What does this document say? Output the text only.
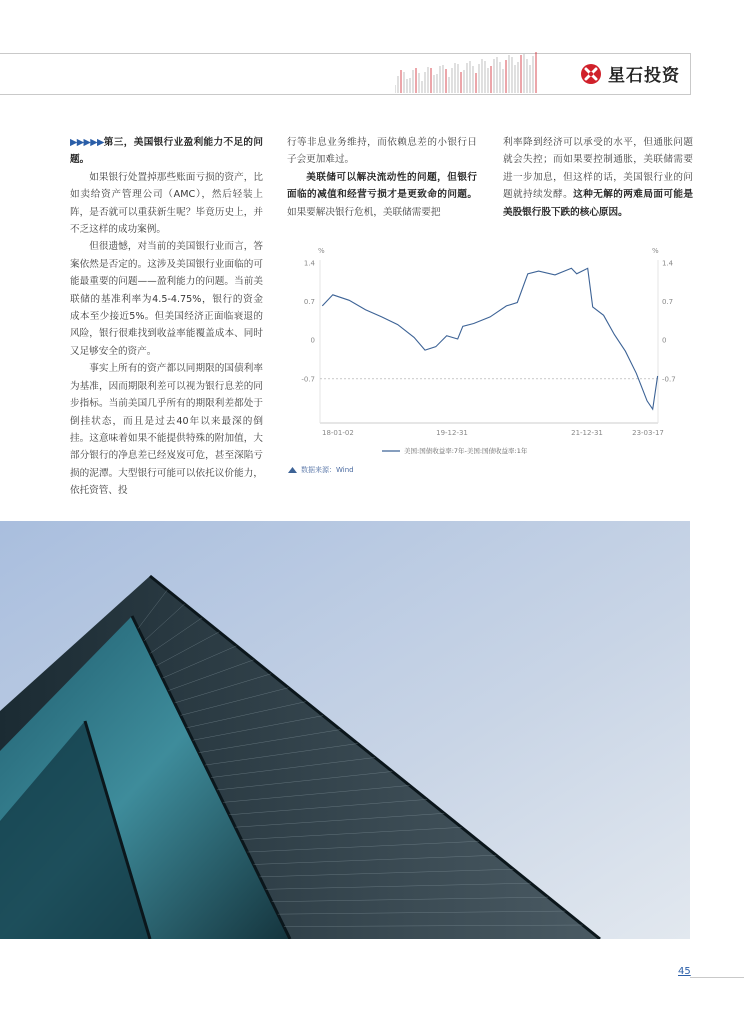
星石投资

▶▶▶▶▶第三，美国银行业盈利能力不足的问题。

如果银行处置掉那些账面亏损的资产，比如卖给资产管理公司（AMC），然后轻装上阵，是否就可以重获新生呢？毕竟历史上，并不乏这样的成功案例。

但很遗憾，对当前的美国银行业而言，答案依然是否定的。这涉及美国银行业面临的可能最重要的问题——盈利能力的问题。当前美联储的基准利率为4.5-4.75%，银行的资金成本至少接近5%。但美国经济正面临衰退的风险，银行很难找到收益率能覆盖成本、同时又足够安全的资产。

事实上所有的资产都以同期限的国债利率为基准，因而期限利差可以视为银行息差的同步指标。当前美国几乎所有的期限利差都处于倒挂状态，而且是过去40年以来最深的倒挂。这意味着如果不能提供特殊的附加值，大部分银行的净息差已经岌岌可危，甚至深陷亏损的泥潭。大型银行可能可以依托议价能力，依托资管、投

行等非息业务维持，而依赖息差的小银行日子会更加难过。

美联储可以解决流动性的问题，但银行面临的减值和经营亏损才是更致命的问题。如果要解决银行危机，美联储需要把

利率降到经济可以承受的水平，但通胀问题就会失控；而如果要控制通胀，美联储需要进一步加息，但这样的话，美国银行业的问题就持续发酵。这种无解的两难局面可能是美股银行股下跌的核心原因。

%	%
1.4	1.4
0.7	0.7
0	0
-0.7	-0.7
18-01-02	19-12-31	21-12-31	23-03-17
美国:国债收益率:7年-美国:国债收益率:1年
数据来源：Wind
45
